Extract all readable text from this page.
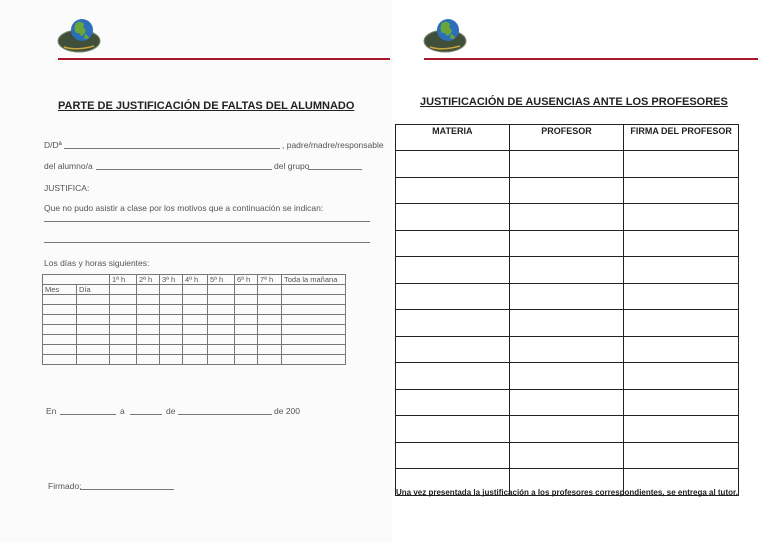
PARTE DE JUSTIFICACIÓN DE FALTAS DEL ALUMNADO
D/Dª	, padre/madre/responsable
del alumno/a	del grupo
JUSTIFICA:
Que no pudo asistir a clase por los motivos que a continuación se indican:
Los días y horas siguientes:
		1ª h	2ª h	3ª h	4ª h	5ª h	6ª h	7ª h	Toda la mañana
Mes	Día								

En	a	de	de 200
Firmado:
JUSTIFICACIÓN DE AUSENCIAS ANTE LOS PROFESORES
MATERIA	PROFESOR	FIRMA DEL PROFESOR

Una vez presentada la justificación a los profesores correspondientes, se entrega al tutor.
